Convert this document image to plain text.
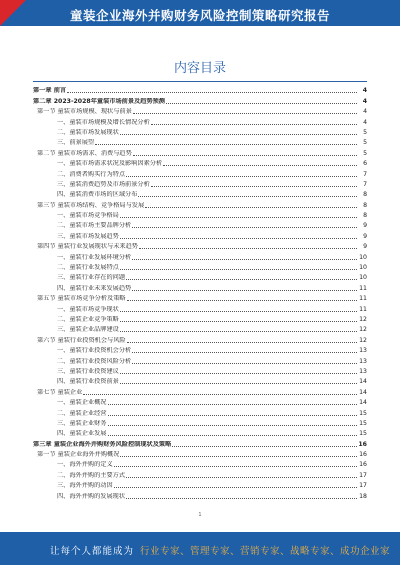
童装企业海外并购财务风险控制策略研究报告
内容目录
第一章 前言	4
第二章 2023-2028年童装市场前景及趋势预测	4
第一节 童装市场规模、现状与前景	4
一、童装市场规模及增长情况分析	4
二、童装市场发展现状	5
三、前景展望	5
第二节 童装市场需求、消费与趋势	5
一、童装市场需求状况及影响因素分析	6
二、消费者购买行为特点	7
三、童装消费趋势及市场前景分析	7
四、童装消费市场的区域分布	8
第三节 童装市场结构、竞争格局与发展	8
一、童装市场竞争格局	8
二、童装市场主要品牌分析	9
三、童装市场发展趋势	9
第四节 童装行业发展现状与未来趋势	9
一、童装行业发展环境分析	10
二、童装行业发展特点	10
三、童装行业存在的问题	10
四、童装行业未来发展趋势	11
第五节 童装市场竞争分析及策略	11
一、童装市场竞争现状	11
二、童装企业竞争策略	12
三、童装企业品牌建设	12
第六节 童装行业投资机会与风险	12
一、童装行业投资机会分析	13
二、童装行业投资风险分析	13
三、童装行业投资建议	13
四、童装行业投资前景	14
第七节 童装企业	14
一、童装企业概况	14
二、童装企业经营	15
三、童装企业财务	15
四、童装企业发展	15
第三章 童装企业海外并购财务风险控制现状及策略	16
第一节 童装企业海外并购概况	16
一、海外并购的定义	16
二、海外并购的主要方式	17
三、海外并购的动因	17
四、海外并购的发展现状	18
1
让每个人都能成为 行业专家、管理专家、营销专家、战略专家、成功企业家
